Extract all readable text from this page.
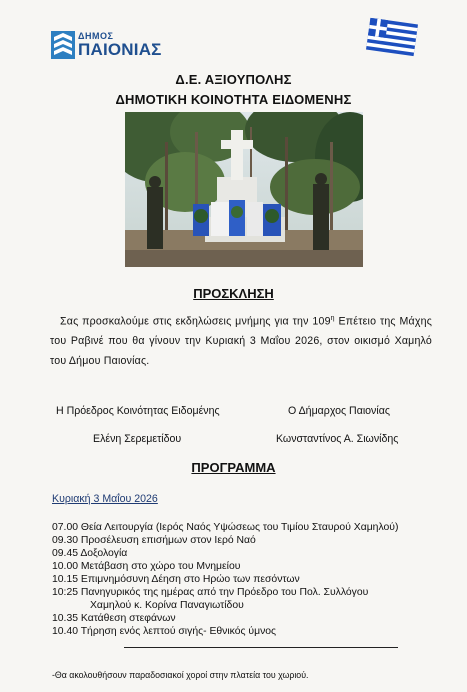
ΔΗΜΟΣ
ΠΑΙΟΝΙΑΣ
Δ.Ε. ΑΞΙΟΥΠΟΛΗΣ
ΔΗΜΟΤΙΚΗ ΚΟΙΝΟΤΗΤΑ ΕΙΔΟΜΕΝΗΣ
ΠΡΟΣΚΛΗΣΗ
Σας προσκαλούμε στις εκδηλώσεις μνήμης για την $109^\eta$ Επέτειο της Μάχης του Ραβινέ που θα γίνουν την Κυριακή 3 Μαΐου 2026, στον οικισμό Χαμηλό του Δήμου Παιονίας.
Η Πρόεδρος Κοινότητας Ειδομένης	Ο Δήμαρχος Παιονίας
Ελένη Σερεμετίδου	Κωνσταντίνος Α. Σιωνίδης
ΠΡΟΓΡΑΜΜΑ
Κυριακή 3 Μαΐου 2026
07.00 Θεία Λειτουργία (Ιερός Ναός Υψώσεως του Τιμίου Σταυρού Χαμηλού)
09.30 Προσέλευση επισήμων στον Ιερό Ναό
09.45 Δοξολογία
10.00 Μετάβαση στο χώρο του Μνημείου
10.15 Επιμνημόσυνη Δέηση στο Ηρώο των πεσόντων
10:25 Πανηγυρικός της ημέρας από την Πρόεδρο του Πολ. Συλλόγου
Χαμηλού κ. Κορίνα Παναγιωτίδου
10.35 Κατάθεση στεφάνων
10.40 Τήρηση ενός λεπτού σιγής- Εθνικός ύμνος
-Θα ακολουθήσουν παραδοσιακοί χοροί στην πλατεία του χωριού.
